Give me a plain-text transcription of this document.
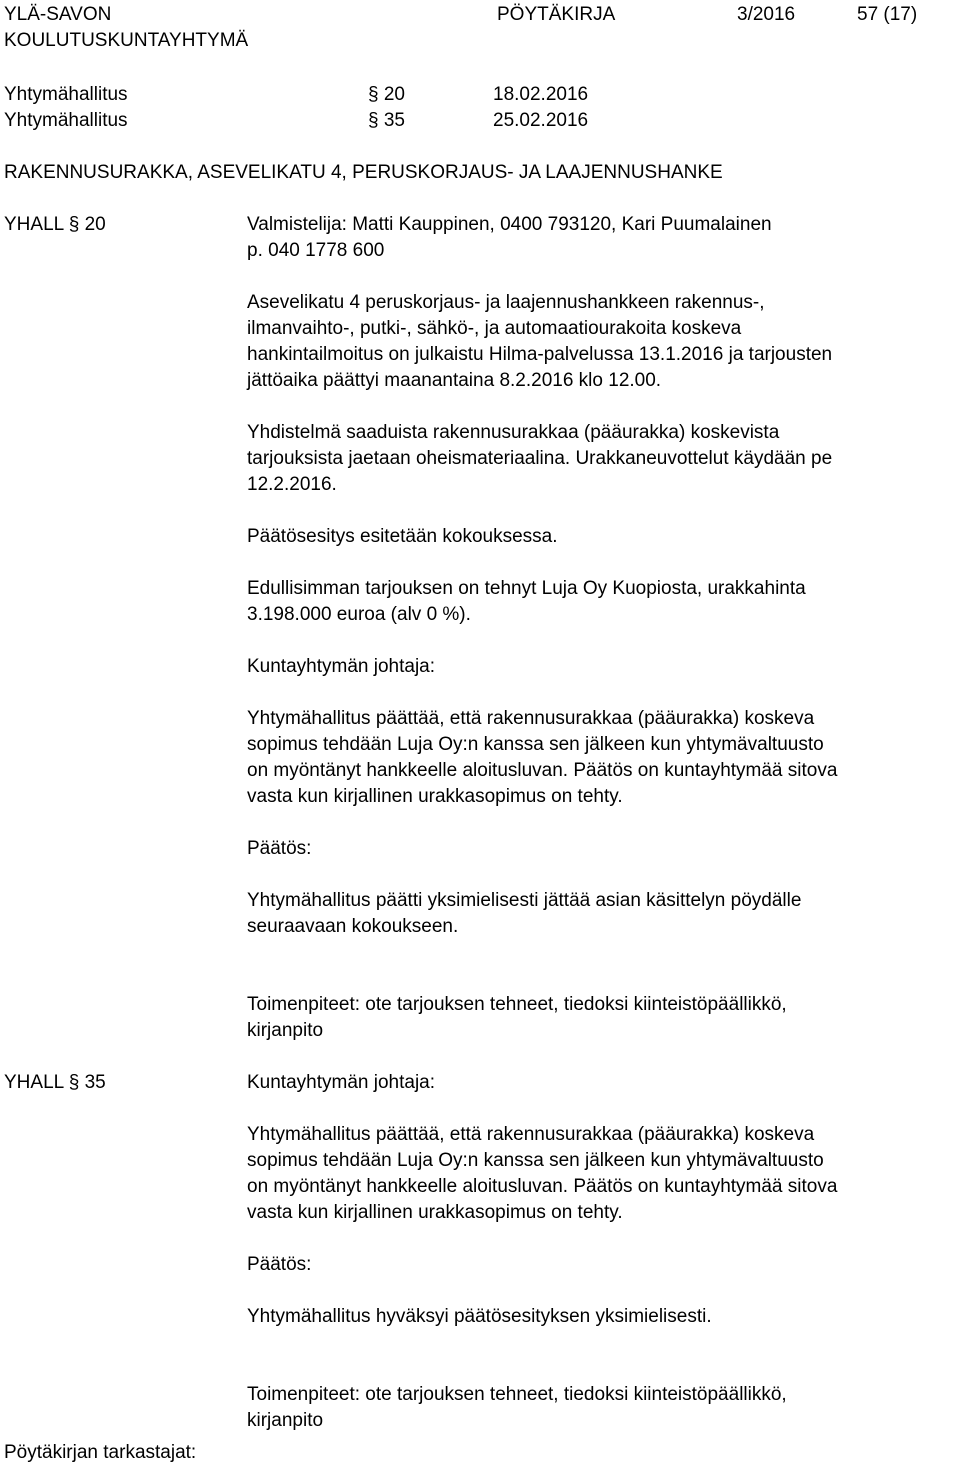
YLÄ-SAVON
KOULUTUSKUNTAYHTYMÄ
PÖYTÄKIRJA	3/2016	57 (17)
Yhtymähallitus	§ 20	18.02.2016
Yhtymähallitus	§ 35	25.02.2016
RAKENNUSURAKKA, ASEVELIKATU 4, PERUSKORJAUS- JA LAAJENNUSHANKE
YHALL § 20	Valmistelija: Matti Kauppinen, 0400 793120, Kari Puumalainen
p. 040 1778 600
Asevelikatu 4 peruskorjaus- ja laajennushankkeen rakennus-,
ilmanvaihto-, putki-, sähkö-, ja automaatiourakoita koskeva
hankintailmoitus on julkaistu Hilma-palvelussa 13.1.2016 ja tarjousten
jättöaika päättyi maanantaina 8.2.2016 klo 12.00.
Yhdistelmä saaduista rakennusurakkaa (pääurakka) koskevista
tarjouksista jaetaan oheismateriaalina. Urakkaneuvottelut käydään pe
12.2.2016.
Päätösesitys esitetään kokouksessa.
Edullisimman tarjouksen on tehnyt Luja Oy Kuopiosta, urakkahinta
3.198.000 euroa (alv 0 %).
Kuntayhtymän johtaja:
Yhtymähallitus päättää, että rakennusurakkaa (pääurakka) koskeva
sopimus tehdään Luja Oy:n kanssa sen jälkeen kun yhtymävaltuusto
on myöntänyt hankkeelle aloitusluvan. Päätös on kuntayhtymää sitova
vasta kun kirjallinen urakkasopimus on tehty.
Päätös:
Yhtymähallitus päätti yksimielisesti jättää asian käsittelyn pöydälle
seuraavaan kokoukseen.
Toimenpiteet: ote tarjouksen tehneet, tiedoksi kiinteistöpäällikkö,
kirjanpito
YHALL § 35	Kuntayhtymän johtaja:
Yhtymähallitus päättää, että rakennusurakkaa (pääurakka) koskeva
sopimus tehdään Luja Oy:n kanssa sen jälkeen kun yhtymävaltuusto
on myöntänyt hankkeelle aloitusluvan. Päätös on kuntayhtymää sitova
vasta kun kirjallinen urakkasopimus on tehty.
Päätös:
Yhtymähallitus hyväksyi päätösesityksen yksimielisesti.
Toimenpiteet: ote tarjouksen tehneet, tiedoksi kiinteistöpäällikkö,
kirjanpito
Pöytäkirjan tarkastajat:
